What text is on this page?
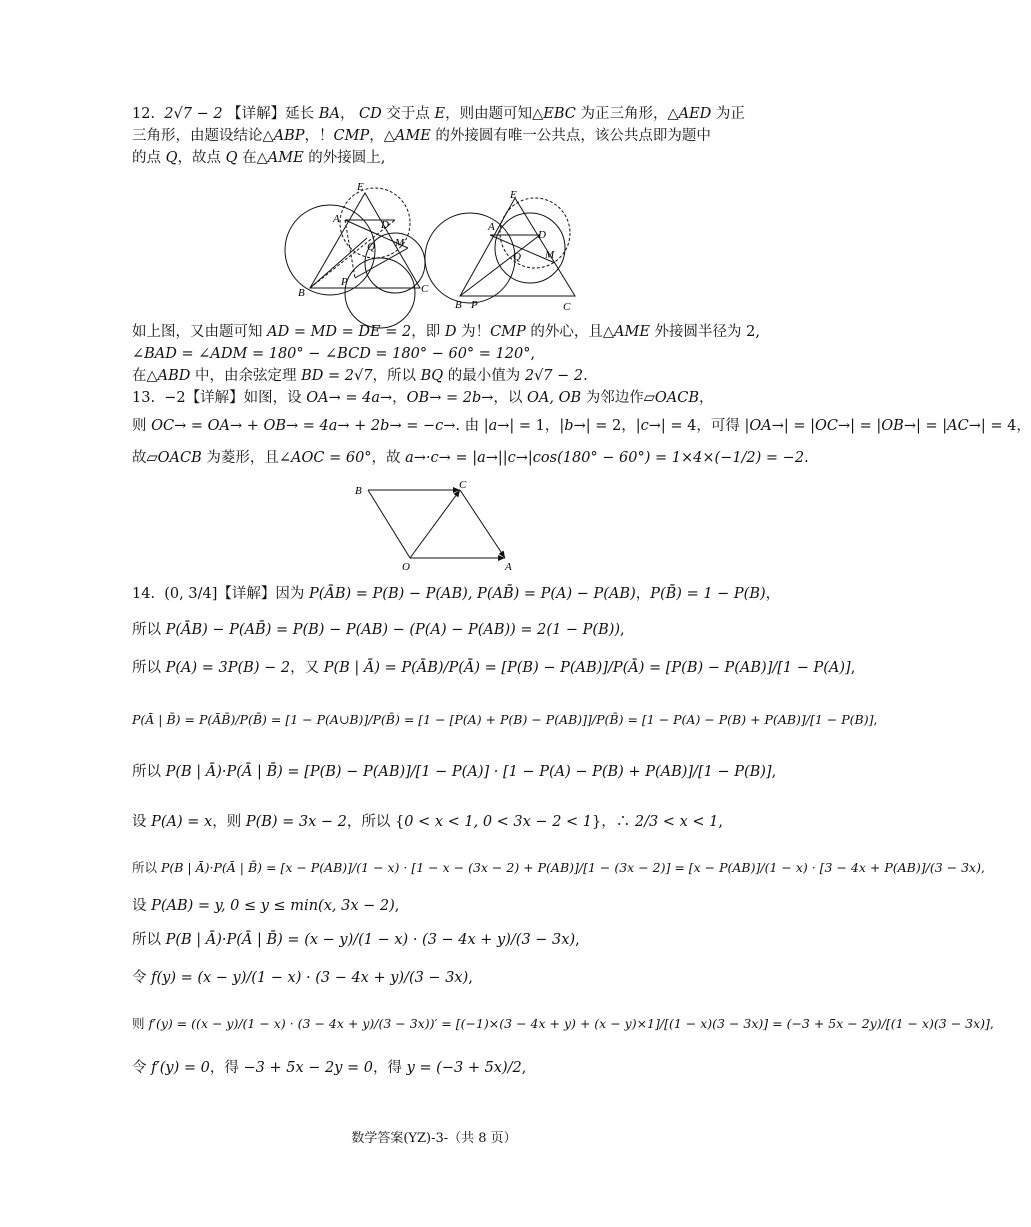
12.  2√7 − 2 【详解】延长 BA， CD 交于点 E，则由题可知△EBC 为正三角形，△AED 为正
三角形，由题设结论△ABP，！CMP，△AME 的外接圆有唯一公共点，该公共点即为题中
的点 Q，故点 Q 在△AME 的外接圆上,
E
A	D
Q M
B
P
C
E
A
D
Q M
B P	C
如上图，又由题可知 AD = MD = DE = 2，即 D 为！CMP 的外心，且△AME 外接圆半径为 2,
∠BAD = ∠ADM = 180° − ∠BCD = 180° − 60° = 120°,
在△ABD 中，由余弦定理 BD = 2√7，所以 BQ 的最小值为 2√7 − 2.
13.  −2【详解】如图，设 OA→ = 4a→，OB→ = 2b→，以 OA, OB 为邻边作▱OACB，
则 OC→ = OA→ + OB→ = 4a→ + 2b→ = −c→. 由 |a→| = 1，|b→| = 2，|c→| = 4，可得 |OA→| = |OC→| = |OB→| = |AC→| = 4，
故▱OACB 为菱形，且∠AOC = 60°，故 a→·c→ = |a→||c→|cos(180° − 60°) = 1×4×(−1/2) = −2.
B	C
O	A
14.  (0, 3/4]【详解】因为 P(ĀB) = P(B) − P(AB), P(AB̄) = P(A) − P(AB)，P(B̄) = 1 − P(B)，
所以 P(ĀB) − P(AB̄) = P(B) − P(AB) − (P(A) − P(AB)) = 2(1 − P(B)),
所以 P(A) = 3P(B) − 2，又 P(B | Ā) = P(ĀB)/P(Ā) = [P(B) − P(AB)]/P(Ā) = [P(B) − P(AB)]/[1 − P(A)],
P(Ā | B̄) = P(ĀB̄)/P(B̄) = [1 − P(A∪B)]/P(B̄) = [1 − [P(A) + P(B) − P(AB)]]/P(B̄) = [1 − P(A) − P(B) + P(AB)]/[1 − P(B)],
所以 P(B | Ā)·P(Ā | B̄) = [P(B) − P(AB)]/[1 − P(A)] · [1 − P(A) − P(B) + P(AB)]/[1 − P(B)],
设 P(A) = x，则 P(B) = 3x − 2，所以 {0 < x < 1, 0 < 3x − 2 < 1}，∴ 2/3 < x < 1,
所以 P(B | Ā)·P(Ā | B̄) = [x − P(AB)]/(1 − x) · [1 − x − (3x − 2) + P(AB)]/[1 − (3x − 2)] = [x − P(AB)]/(1 − x) · [3 − 4x + P(AB)]/(3 − 3x),
设 P(AB) = y, 0 ≤ y ≤ min(x, 3x − 2),
所以 P(B | Ā)·P(Ā | B̄) = (x − y)/(1 − x) · (3 − 4x + y)/(3 − 3x),
令 f(y) = (x − y)/(1 − x) · (3 − 4x + y)/(3 − 3x),
则 f′(y) = ((x − y)/(1 − x) · (3 − 4x + y)/(3 − 3x))′ = [(−1)×(3 − 4x + y) + (x − y)×1]/[(1 − x)(3 − 3x)] = (−3 + 5x − 2y)/[(1 − x)(3 − 3x)],
令 f′(y) = 0，得 −3 + 5x − 2y = 0，得 y = (−3 + 5x)/2,
数学答案(YZ)-3-（共 8 页）
